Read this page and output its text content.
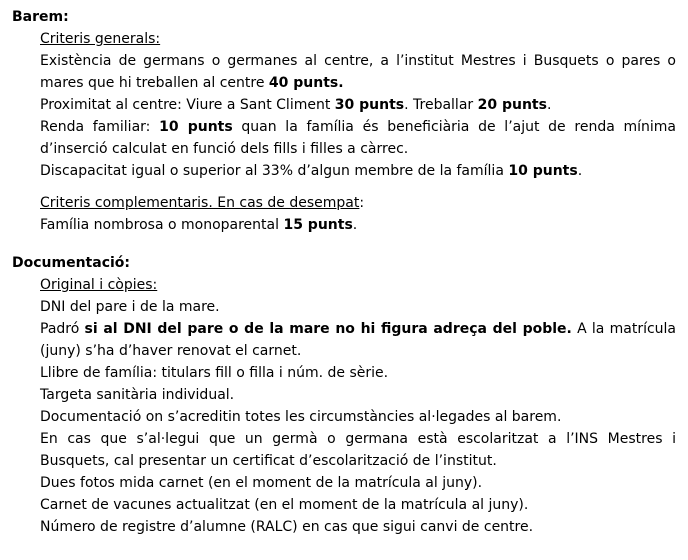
Barem:
Criteris generals:
Existència de germans o germanes al centre, a l’institut Mestres i Busquets o pares o mares que hi treballen al centre 40 punts.
Proximitat al centre: Viure a Sant Climent 30 punts. Treballar 20 punts.
Renda familiar: 10 punts quan la família és beneficiària de l’ajut de renda mínima d’inserció calculat en funció dels fills i filles a càrrec.
Discapacitat igual o superior al 33% d’algun membre de la família 10 punts.
Criteris complementaris. En cas de desempat:
Família nombrosa o monoparental 15 punts.
Documentació:
Original i còpies:
DNI del pare i de la mare.
Padró si al DNI del pare o de la mare no hi figura adreça del poble. A la matrícula (juny) s’ha d’haver renovat el carnet.
Llibre de família: titulars fill o filla i núm. de sèrie.
Targeta sanitària individual.
Documentació on s’acreditin totes les circumstàncies al·legades al barem.
En cas que s’al·legui que un germà o germana està escolaritzat a l’INS Mestres i Busquets, cal presentar un certificat d’escolarització de l’institut.
Dues fotos mida carnet (en el moment de la matrícula al juny).
Carnet de vacunes actualitzat (en el moment de la matrícula al juny).
Número de registre d’alumne (RALC) en cas que sigui canvi de centre.
